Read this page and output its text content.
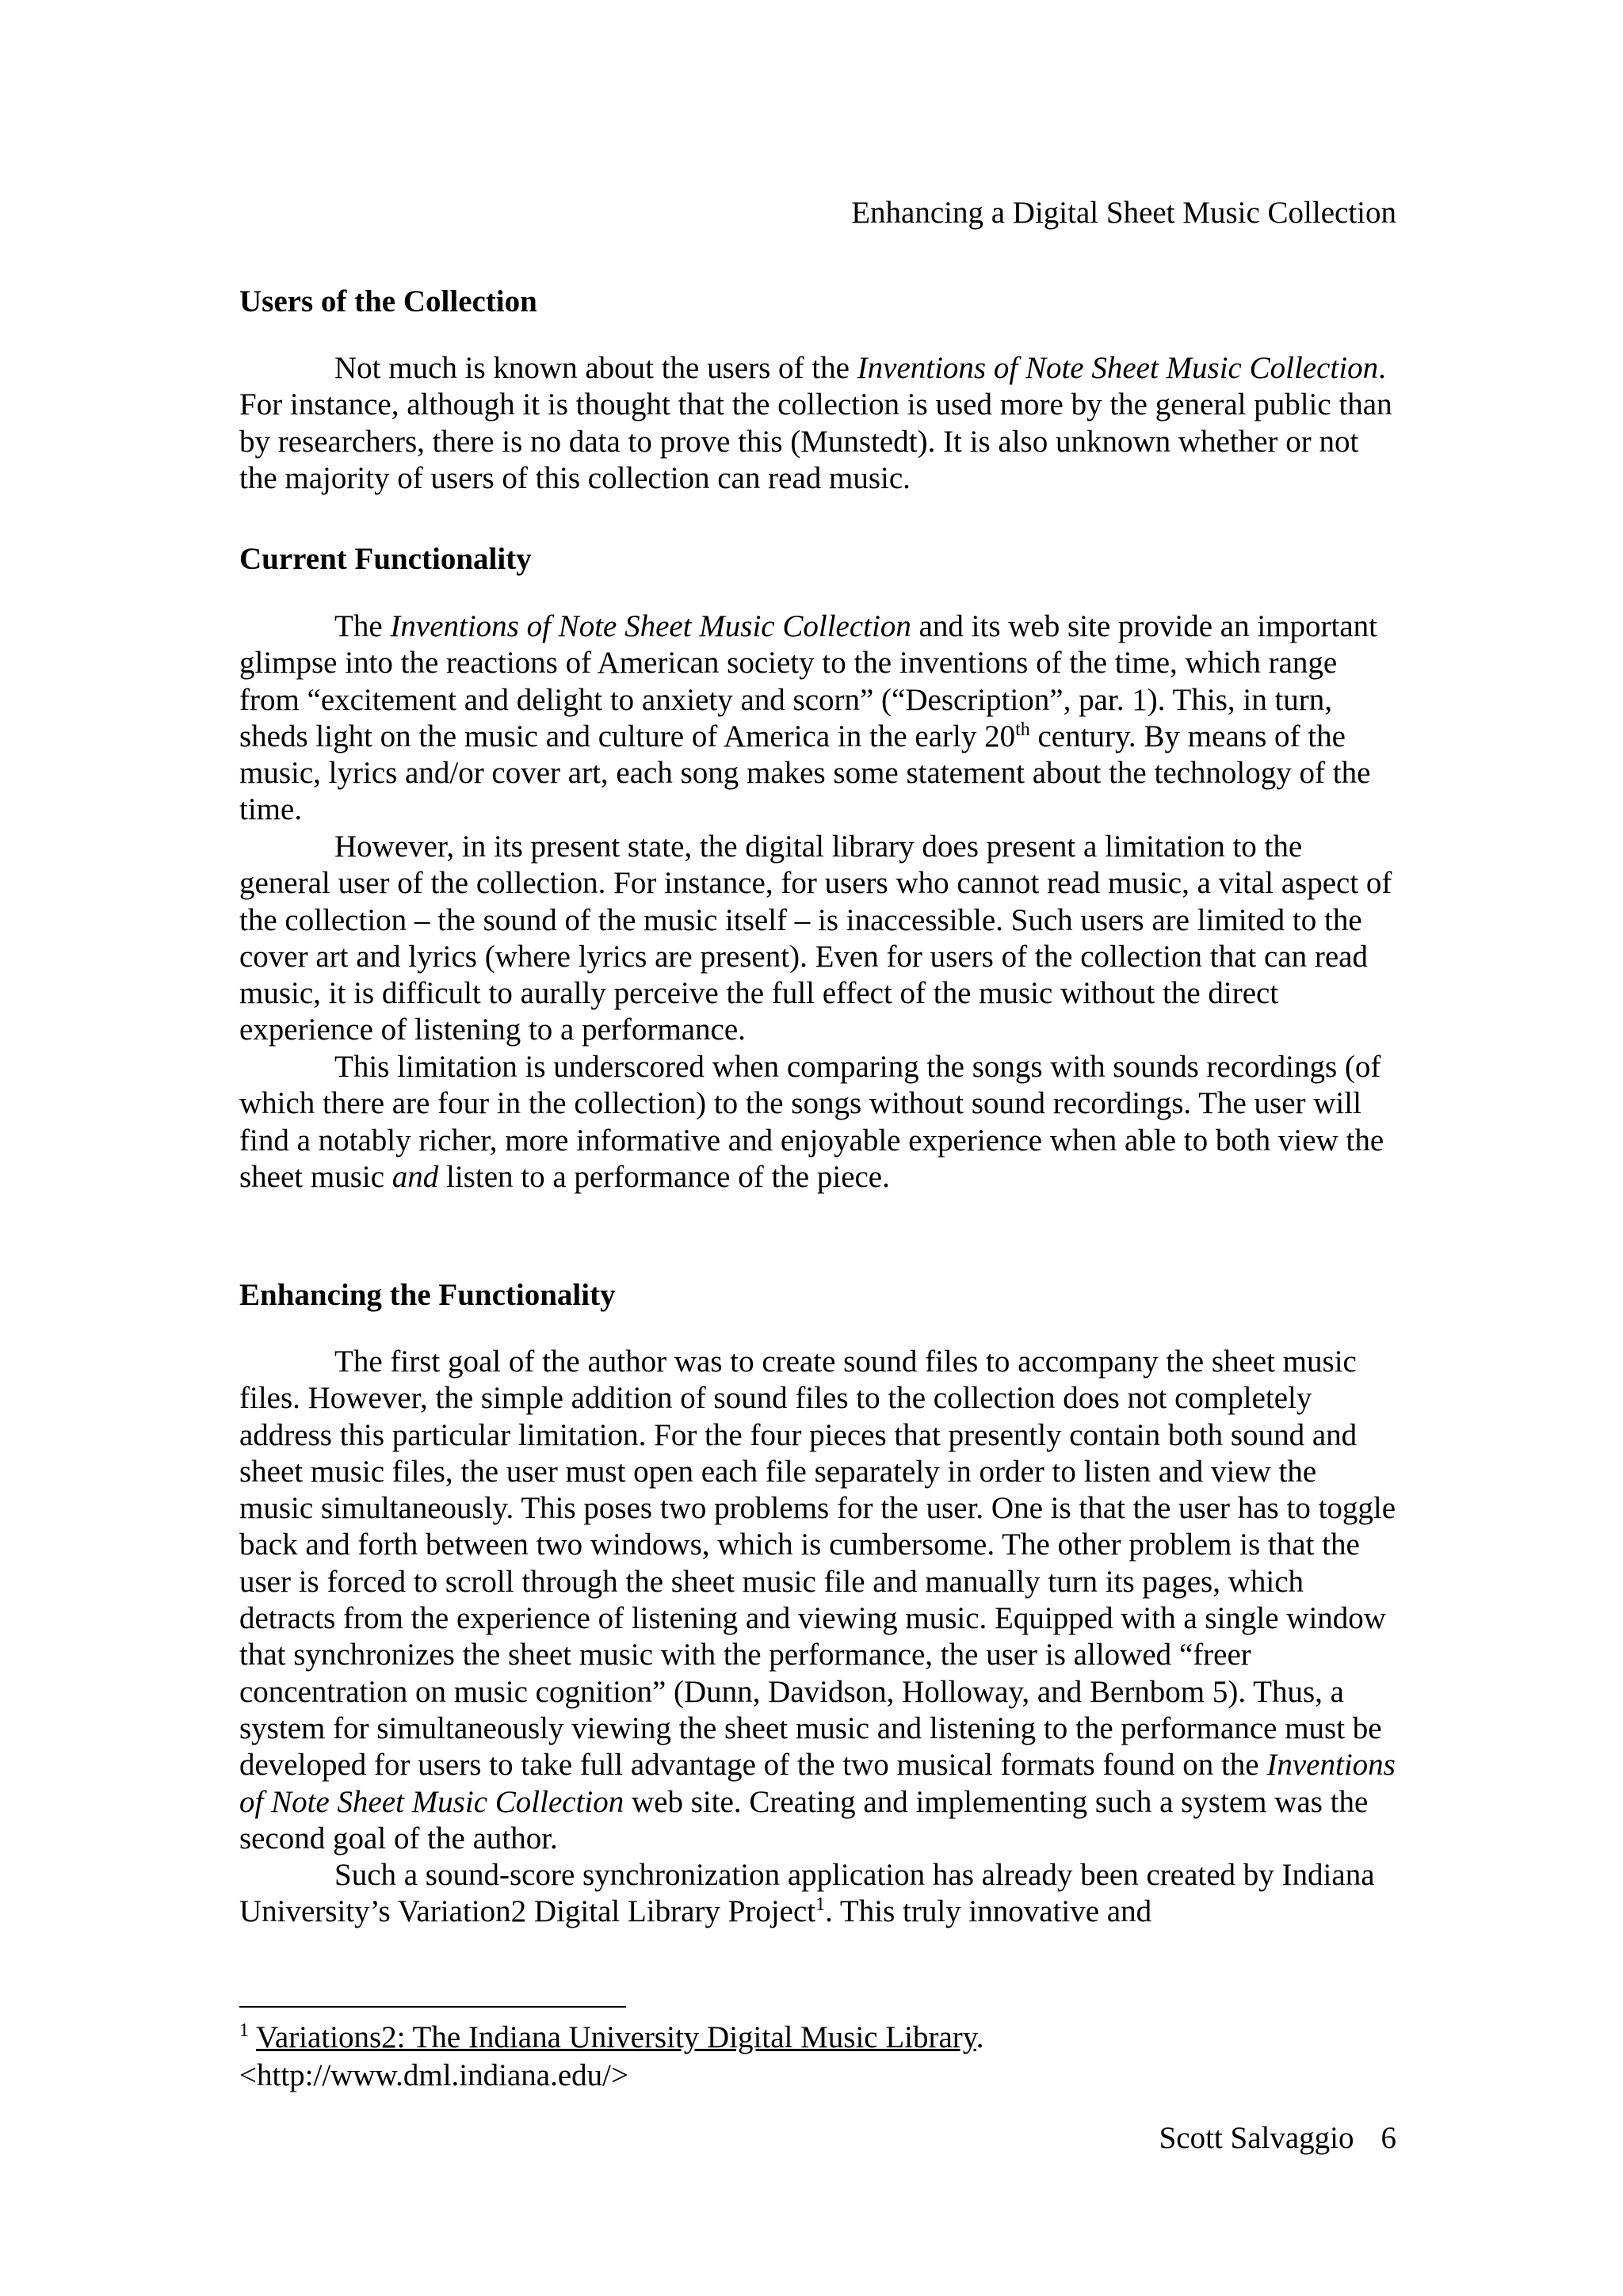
Enhancing a Digital Sheet Music Collection
Users of the Collection
Not much is known about the users of the Inventions of Note Sheet Music Collection. For instance, although it is thought that the collection is used more by the general public than by researchers, there is no data to prove this (Munstedt). It is also unknown whether or not the majority of users of this collection can read music.
Current Functionality
The Inventions of Note Sheet Music Collection and its web site provide an important glimpse into the reactions of American society to the inventions of the time, which range from “excitement and delight to anxiety and scorn” (“Description”, par. 1). This, in turn, sheds light on the music and culture of America in the early 20th century. By means of the music, lyrics and/or cover art, each song makes some statement about the technology of the time.
However, in its present state, the digital library does present a limitation to the general user of the collection. For instance, for users who cannot read music, a vital aspect of the collection – the sound of the music itself – is inaccessible. Such users are limited to the cover art and lyrics (where lyrics are present). Even for users of the collection that can read music, it is difficult to aurally perceive the full effect of the music without the direct experience of listening to a performance.
This limitation is underscored when comparing the songs with sounds recordings (of which there are four in the collection) to the songs without sound recordings. The user will find a notably richer, more informative and enjoyable experience when able to both view the sheet music and listen to a performance of the piece.
Enhancing the Functionality
The first goal of the author was to create sound files to accompany the sheet music files. However, the simple addition of sound files to the collection does not completely address this particular limitation. For the four pieces that presently contain both sound and sheet music files, the user must open each file separately in order to listen and view the music simultaneously. This poses two problems for the user. One is that the user has to toggle back and forth between two windows, which is cumbersome. The other problem is that the user is forced to scroll through the sheet music file and manually turn its pages, which detracts from the experience of listening and viewing music. Equipped with a single window that synchronizes the sheet music with the performance, the user is allowed “freer concentration on music cognition” (Dunn, Davidson, Holloway, and Bernbom 5). Thus, a system for simultaneously viewing the sheet music and listening to the performance must be developed for users to take full advantage of the two musical formats found on the Inventions of Note Sheet Music Collection web site. Creating and implementing such a system was the second goal of the author.
Such a sound-score synchronization application has already been created by Indiana University’s Variation2 Digital Library Project$^1$. This truly innovative and
$^1$ Variations2: The Indiana University Digital Music Library.
<http://www.dml.indiana.edu/>
Scott Salvaggio 6
